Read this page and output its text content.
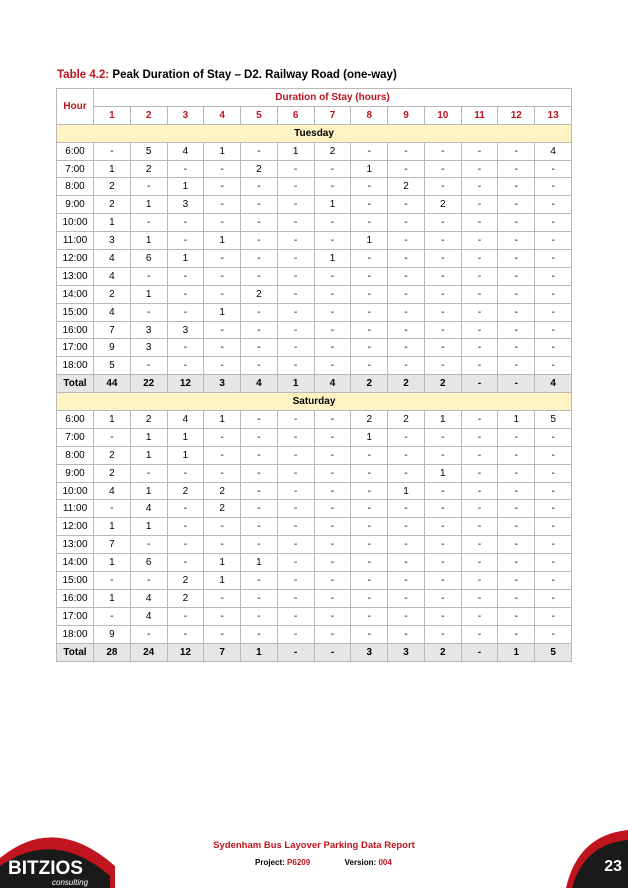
Table 4.2: Peak Duration of Stay – D2. Railway Road (one-way)
Hour	Duration of Stay (hours)												
	1	2	3	4	5	6	7	8	9	10	11	12	13
Tuesday													
6:00	-	5	4	1	-	1	2	-	-	-	-	-	4
7:00	1	2	-	-	2	-	-	1	-	-	-	-	-
8:00	2	-	1	-	-	-	-	-	2	-	-	-	-
9:00	2	1	3	-	-	-	1	-	-	2	-	-	-
10:00	1	-	-	-	-	-	-	-	-	-	-	-	-
11:00	3	1	-	1	-	-	-	1	-	-	-	-	-
12:00	4	6	1	-	-	-	1	-	-	-	-	-	-
13:00	4	-	-	-	-	-	-	-	-	-	-	-	-
14:00	2	1	-	-	2	-	-	-	-	-	-	-	-
15:00	4	-	-	1	-	-	-	-	-	-	-	-	-
16:00	7	3	3	-	-	-	-	-	-	-	-	-	-
17:00	9	3	-	-	-	-	-	-	-	-	-	-	-
18:00	5	-	-	-	-	-	-	-	-	-	-	-	-
Total	44	22	12	3	4	1	4	2	2	2	-	-	4
Saturday													
6:00	1	2	4	1	-	-	-	2	2	1	-	1	5
7:00	-	1	1	-	-	-	-	1	-	-	-	-	-
8:00	2	1	1	-	-	-	-	-	-	-	-	-	-
9:00	2	-	-	-	-	-	-	-	-	1	-	-	-
10:00	4	1	2	2	-	-	-	-	1	-	-	-	-
11:00	-	4	-	2	-	-	-	-	-	-	-	-	-
12:00	1	1	-	-	-	-	-	-	-	-	-	-	-
13:00	7	-	-	-	-	-	-	-	-	-	-	-	-
14:00	1	6	-	1	1	-	-	-	-	-	-	-	-
15:00	-	-	2	1	-	-	-	-	-	-	-	-	-
16:00	1	4	2	-	-	-	-	-	-	-	-	-	-
17:00	-	4	-	-	-	-	-	-	-	-	-	-	-
18:00	9	-	-	-	-	-	-	-	-	-	-	-	-
Total	28	24	12	7	1	-	-	3	3	2	-	1	5
BITZIOS
consulting
Sydenham Bus Layover Parking Data Report
Project: P6209	Version: 004	23
